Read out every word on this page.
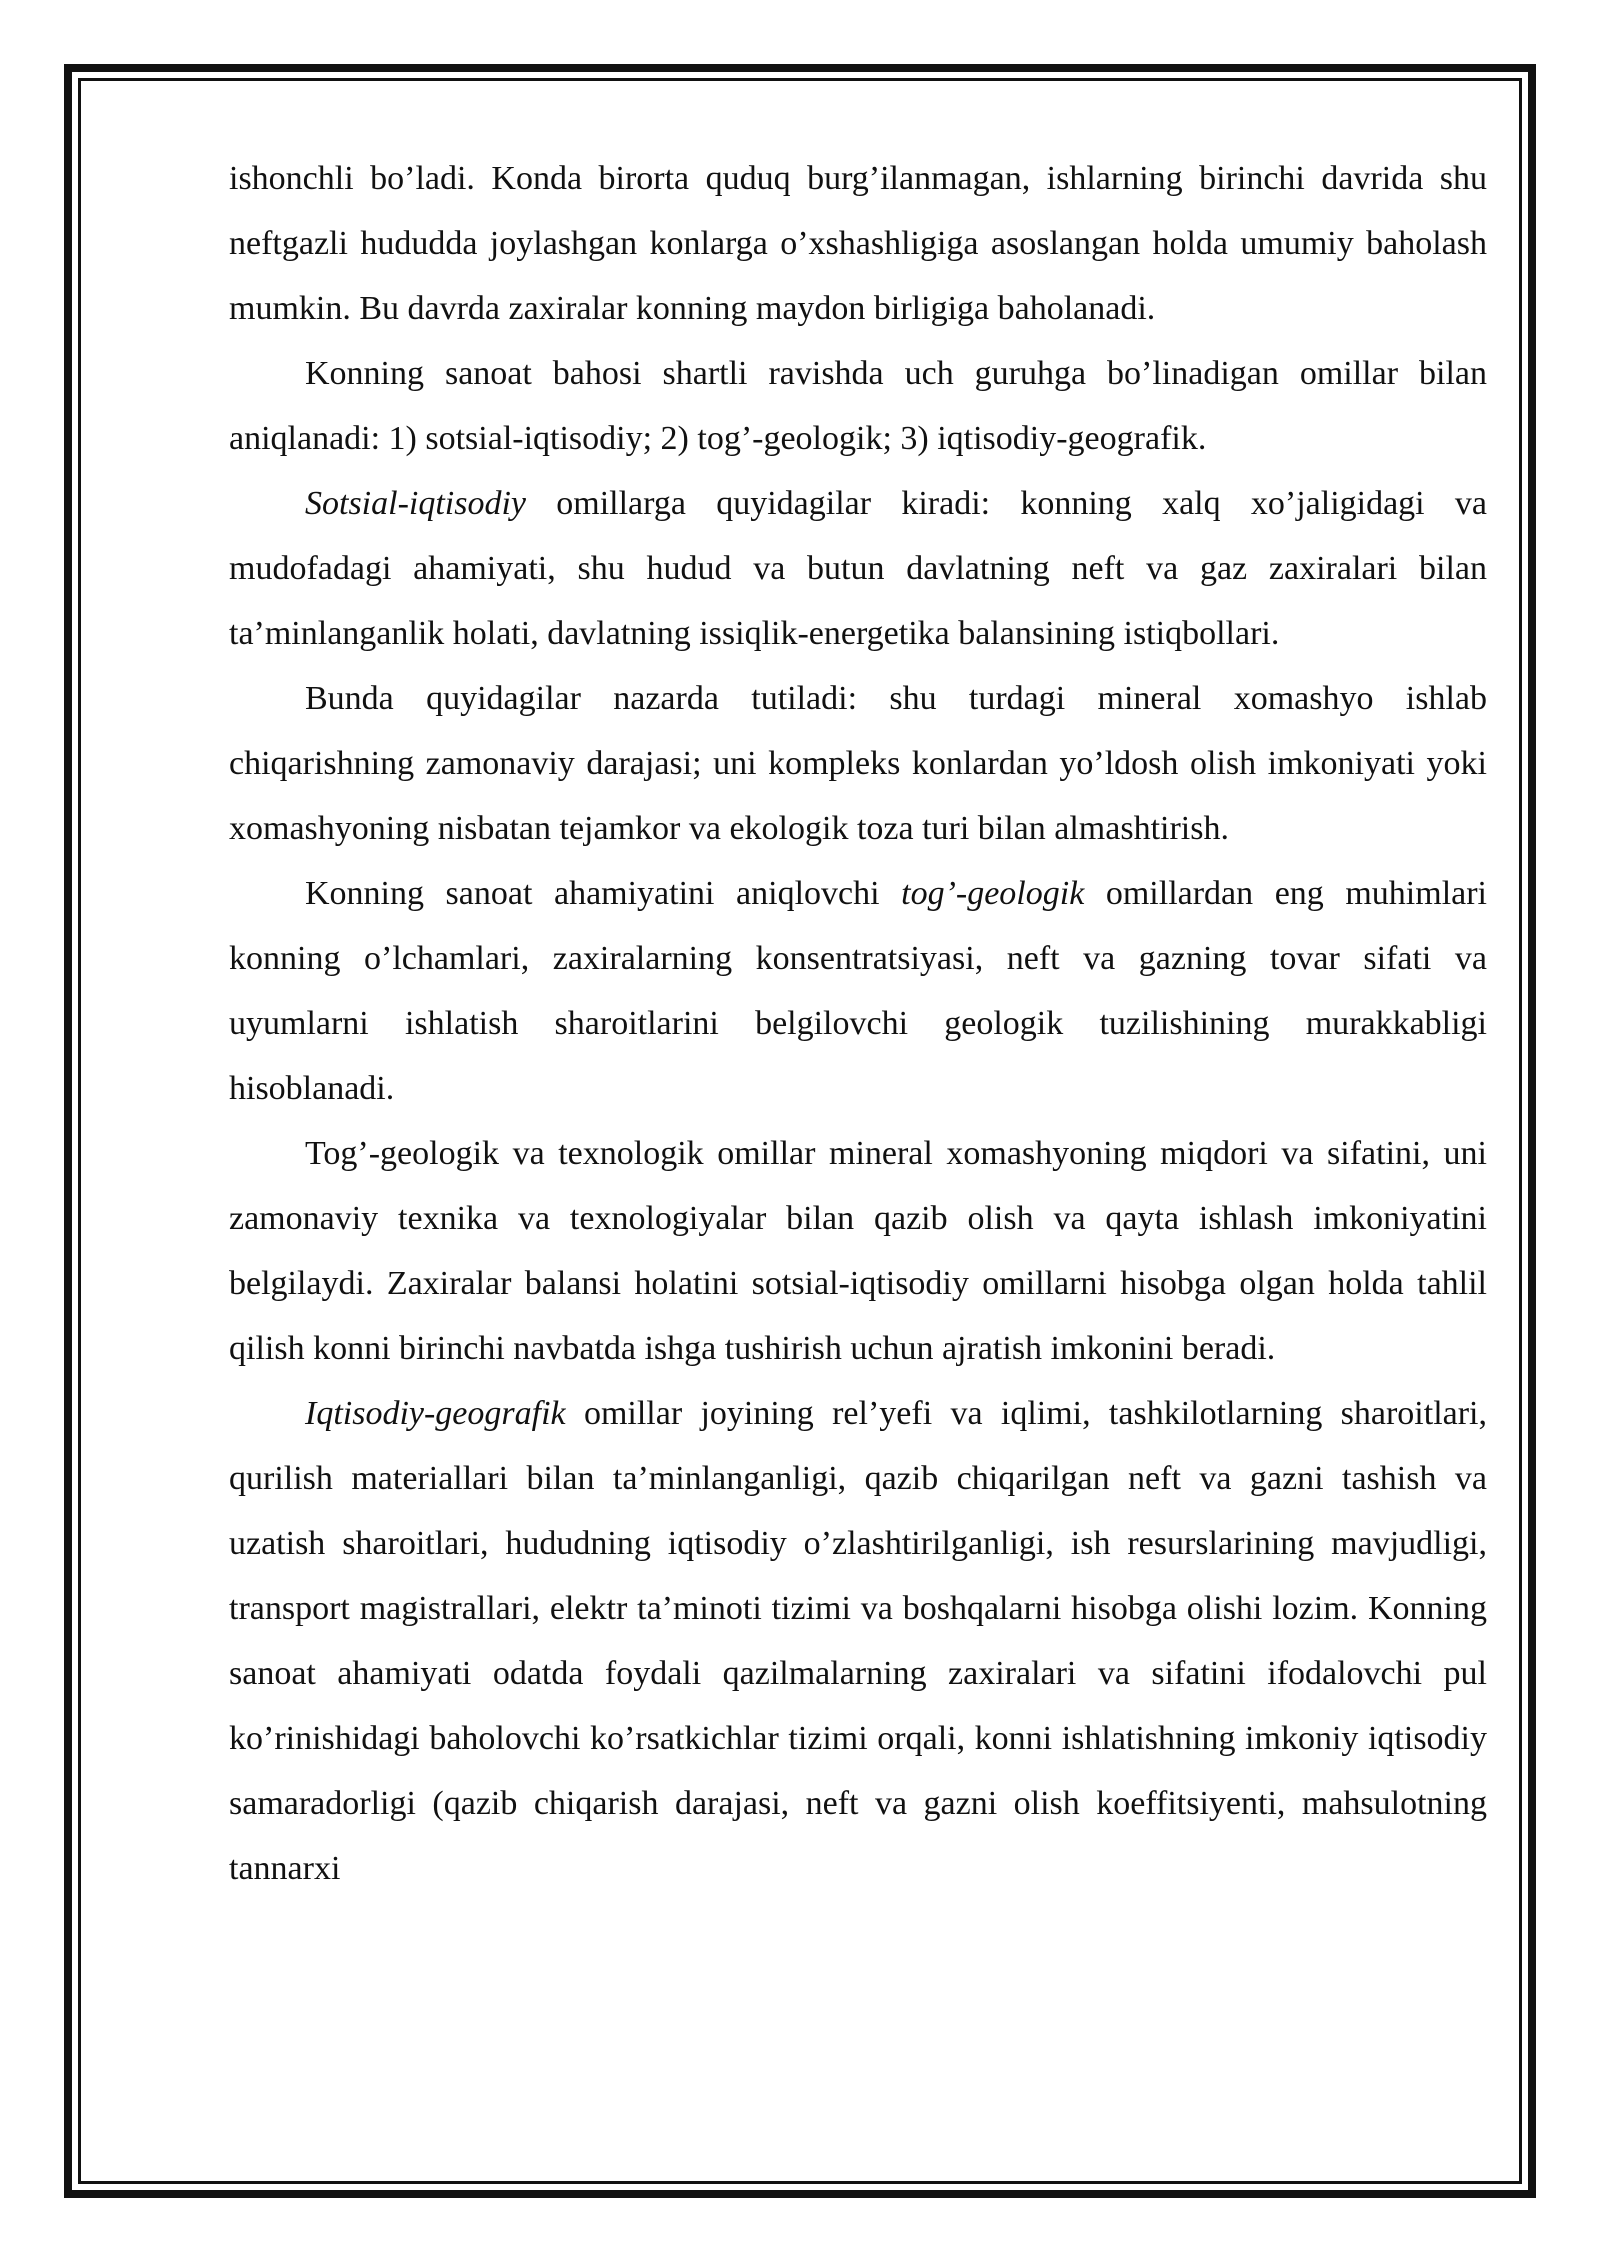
ishonchli bo’ladi. Konda birorta quduq burg’ilanmagan, ishlarning birinchi davrida shu neftgazli hududda joylashgan konlarga o’xshashligiga asoslangan holda umumiy baholash mumkin. Bu davrda zaxiralar konning maydon birligiga baholanadi.

Konning sanoat bahosi shartli ravishda uch guruhga bo’linadigan omillar bilan aniqlanadi: 1) sotsial-iqtisodiy; 2) tog’-geologik; 3) iqtisodiy-geografik.

Sotsial-iqtisodiy omillarga quyidagilar kiradi: konning xalq xo’jaligidagi va mudofadagi ahamiyati, shu hudud va butun davlatning neft va gaz zaxiralari bilan ta’minlanganlik holati, davlatning issiqlik-energetika balansining istiqbollari.

Bunda quyidagilar nazarda tutiladi: shu turdagi mineral xomashyo ishlab chiqarishning zamonaviy darajasi; uni kompleks konlardan yo’ldosh olish imkoniyati yoki xomashyoning nisbatan tejamkor va ekologik toza turi bilan almashtirish.

Konning sanoat ahamiyatini aniqlovchi tog’-geologik omillardan eng muhimlari konning o’lchamlari, zaxiralarning konsentratsiyasi, neft va gazning tovar sifati va uyumlarni ishlatish sharoitlarini belgilovchi geologik tuzilishining murakkabligi hisoblanadi.

Tog’-geologik va texnologik omillar mineral xomashyoning miqdori va sifatini, uni zamonaviy texnika va texnologiyalar bilan qazib olish va qayta ishlash imkoniyatini belgilaydi. Zaxiralar balansi holatini sotsial-iqtisodiy omillarni hisobga olgan holda tahlil qilish konni birinchi navbatda ishga tushirish uchun ajratish imkonini beradi.

Iqtisodiy-geografik omillar joyining rel’yefi va iqlimi, tashkilotlarning sharoitlari, qurilish materiallari bilan ta’minlanganligi, qazib chiqarilgan neft va gazni tashish va uzatish sharoitlari, hududning iqtisodiy o’zlashtirilganligi, ish resurslarining mavjudligi, transport magistrallari, elektr ta’minoti tizimi va boshqalarni hisobga olishi lozim. Konning sanoat ahamiyati odatda foydali qazilmalarning zaxiralari va sifatini ifodalovchi pul ko’rinishidagi baholovchi ko’rsatkichlar tizimi orqali, konni ishlatishning imkoniy iqtisodiy samaradorligi (qazib chiqarish darajasi, neft va gazni olish koeffitsiyenti, mahsulotning tannarxi
